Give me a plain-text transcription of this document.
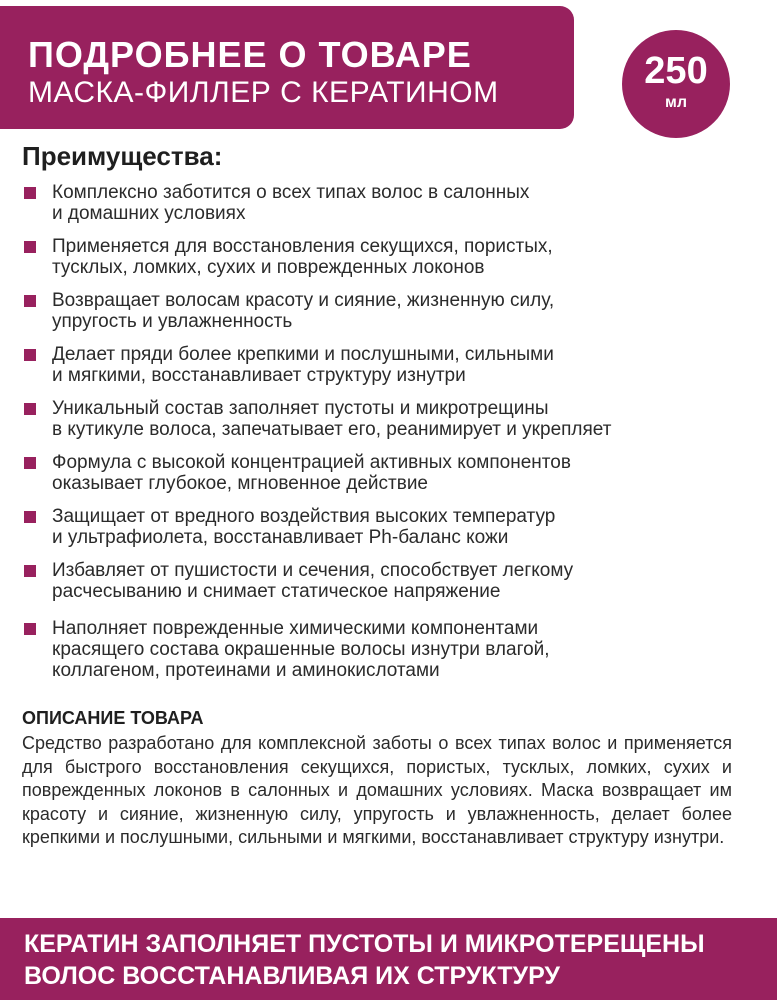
ПОДРОБНЕЕ О ТОВАРЕ
МАСКА-ФИЛЛЕР С КЕРАТИНОМ
250
мл
Преимущества:
Комплексно заботится о всех типах волос в салонных
и домашних условиях
Применяется для восстановления секущихся, пористых,
тусклых, ломких, сухих и поврежденных локонов
Возвращает волосам красоту и сияние, жизненную силу,
упругость и увлажненность
Делает пряди более крепкими и послушными, сильными
и мягкими, восстанавливает структуру изнутри
Уникальный состав заполняет пустоты и микротрещины
в кутикуле волоса, запечатывает его, реанимирует и укрепляет
Формула с высокой концентрацией активных компонентов
оказывает глубокое, мгновенное действие
Защищает от вредного воздействия высоких температур
и ультрафиолета, восстанавливает Ph-баланс кожи
Избавляет от пушистости и сечения, способствует легкому
расчесыванию и снимает статическое напряжение
Наполняет поврежденные химическими компонентами
красящего состава окрашенные волосы изнутри влагой,
коллагеном, протеинами и аминокислотами
ОПИСАНИЕ ТОВАРА

Средство разработано для комплексной заботы о всех типах волос и применяется для быстрого восстановления секущихся, пористых, тусклых, ломких, сухих и поврежденных локонов в салонных и домашних условиях. Маска возвращает им красоту и сияние, жизненную силу, упругость и увлажненность, делает более крепкими и послушными, сильными и мягкими, восстанавливает структуру изнутри.

КЕРАТИН ЗАПОЛНЯЕТ ПУСТОТЫ И МИКРОТЕРЕЩЕНЫ
ВОЛОС ВОССТАНАВЛИВАЯ ИХ СТРУКТУРУ
